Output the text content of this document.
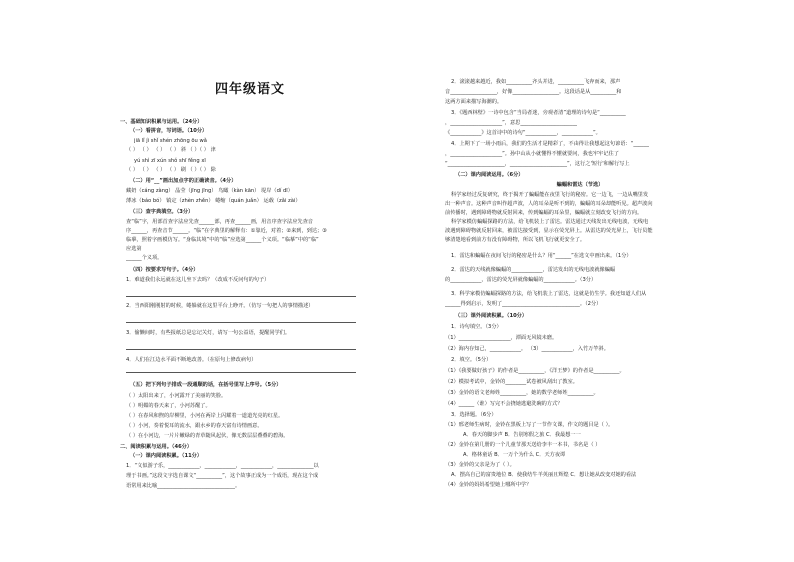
四年级语文
一、基础知识积累与运用。（24分）
（一）看拼音，写词语。（10分）
jiā lǐ jì shǐ shén zhōng ōu wǎ
（ ） （ ） （ ） （ ） 斜 （ ）（ ） 津
yú shì zī xún shǒ shī fěng xī
（ ） （ ） （ ） （ ） 刷 （ ）（ ） 除
（二）用“__”画出加点字的正确读音。（4分）
藏奶（cáng zàng） 晶莹（jīng jīng） 鸟瞰（kàn kān） 堤岸（dí dī）
薄冰（báo bó） 镇定（zhèn zhěn） 蜷缩（quán juǎn） 运载（zǎi zài）
（三）查字典填空。（3分）
查“临”字，用部首查字法应先查______部，再查______画，用音序查字法应先查音
序______，再查音节______。“临”在字典里的解释有：①靠近，对着；②来到，到达；③
临摹，照着字画模仿写。“身临其境”中的“临”应选第______个义项。“临摹”中的“临”
应选第
______个义项。
（四）按要求写句子。（4分）
1．难道我们永远就在这儿坐下去吗？（改成不反问句的句子）
2．当西阳刚刚射的时候，蜷躲就在这里平台上睁开。（仿写一句把人的事情描述）
3．偷懒间时，有些报纸总是忘记关灯，请写一句公益语，提醒同学们。
4．人们在江边水平面不断地改善。（在原句上修改病句）
（五）把下列句子排成一段通顺的话，在括号里写上序号。（5分）
（ ）太阳出来了，小河露开了美丽的笑脸。
（ ）明媚的春天来了，小河苏醒了。
（ ）在春风和煦的岸柳里，小河在两岸上闪耀着一道道光亮的红星。
（ ）小河，奏着悦耳的流水，跟水乡的春天富有诗情画意。
（ ）在小河边，一片片嫩绿的青草随风起伏，像无数层层叠叠的碧海。
二、阅读积累与运用。（46分）
（一）课内阅读积累。（11分）
1．“文似游子乐，____________，____________，____________，______________以
理于书画。”这段文字选自课文“__________”，这个故事正成为一个成语，现在这个成
语常用来比喻______________________________。
2．滚滚越来越近，我如__________齐头并进，__________飞奔而来，那声
音__________________，好像__________________。这段话是从__________和
这两方面来描写海潮的。
3．《题西林壁》一诗中包含“当局者迷，旁观者清”道理的诗句是“__________
，____________________”，意思______________________
《____________》这首诗中的诗句“____________，____________”。
4．上期下了一场小雨后，我们的生活才是精彩了，不由得让我想起这句谚语：“______
，____________________”。孙中山从小就懂得不懂就要问，我也牢牢记住了
“______________________，______________________”，这行之'短行'和解行写上
（二）课内阅读运用。（6分）
蝙蝠和雷达（节选）
科学家经过反复研究，终于揭开了蝙蝠能在夜里飞行的秘密。它一边飞，一边从嘴里发
出一种声音。这种声音叫作超声波，人的耳朵是听不到的，蝙蝠的耳朵却能听见。超声波向
前传播时，遇到障碍物就反射回来，传到蝙蝠的耳朵里，蝙蝠就立刻改变飞行的方向。
科学家模仿蝙蝠探路的方法，给飞机装上了雷达。雷达通过天线发出无线电波，无线电
波遇到障碍物就反射回来，被雷达接受到，显示在荧光屏上。从雷达的荧光屏上，飞行员能
够清楚地看到前方有没有障碍物，所以飞机飞行就更安全了。
1．雷达和蝙蝠在夜间飞行的秘密是什么？用“______”在选文中画出来。（1分）
2．雷达的天线就像蝙蝠的____________，雷达发出的无线电波就像蝙蝠
的____________，雷达的荧光屏就像蝙蝠的____________。（3分）
3．科学家模仿蝙蝠探路的方法，给飞机装上了雷达，这就是仿生学。我还知道人们从
______得到启示，发明了______________________________。（2分）
（三）课外阅读积累。（10分）
1．诗句填空。（3分）
（1）____________________，潭面无风镜未磨。
（2）海内存知己，____________。 （3）____________，入竹万竿斜。
2．填空。（5分）
（1）《我要做好孩子》的作者是__________，《洋王梦》的作者是__________。
（2）模拟考试中，金铃的________试卷被风刮出了教室。
（3）金铃的语文老师姓__________，她的数学老师姓__________。
（4）______（谁）写完不会挠她逃避洗碗的方式？
3．选择题。（6分）
（1）邢老师生病时，金铃在黑板上写了一节作文课，作文的题目是（ ）。
A．春天的脚步声 B．告别寒假之旅 C．我最想一一
（2）金铃在第几册的一个儿童节那天送给李丰一本书，书名是（ ）
A．格林童话 B．一万个为什么 C．天方夜谭
（3）金铃的父亲是为了（ ）。
A．摆高自己的富贵地位 B．使我结牛羊英丽且辉煌 C．想让她从改变对她的看法
（4）金铃的妈妈希望她上哪所中学？
